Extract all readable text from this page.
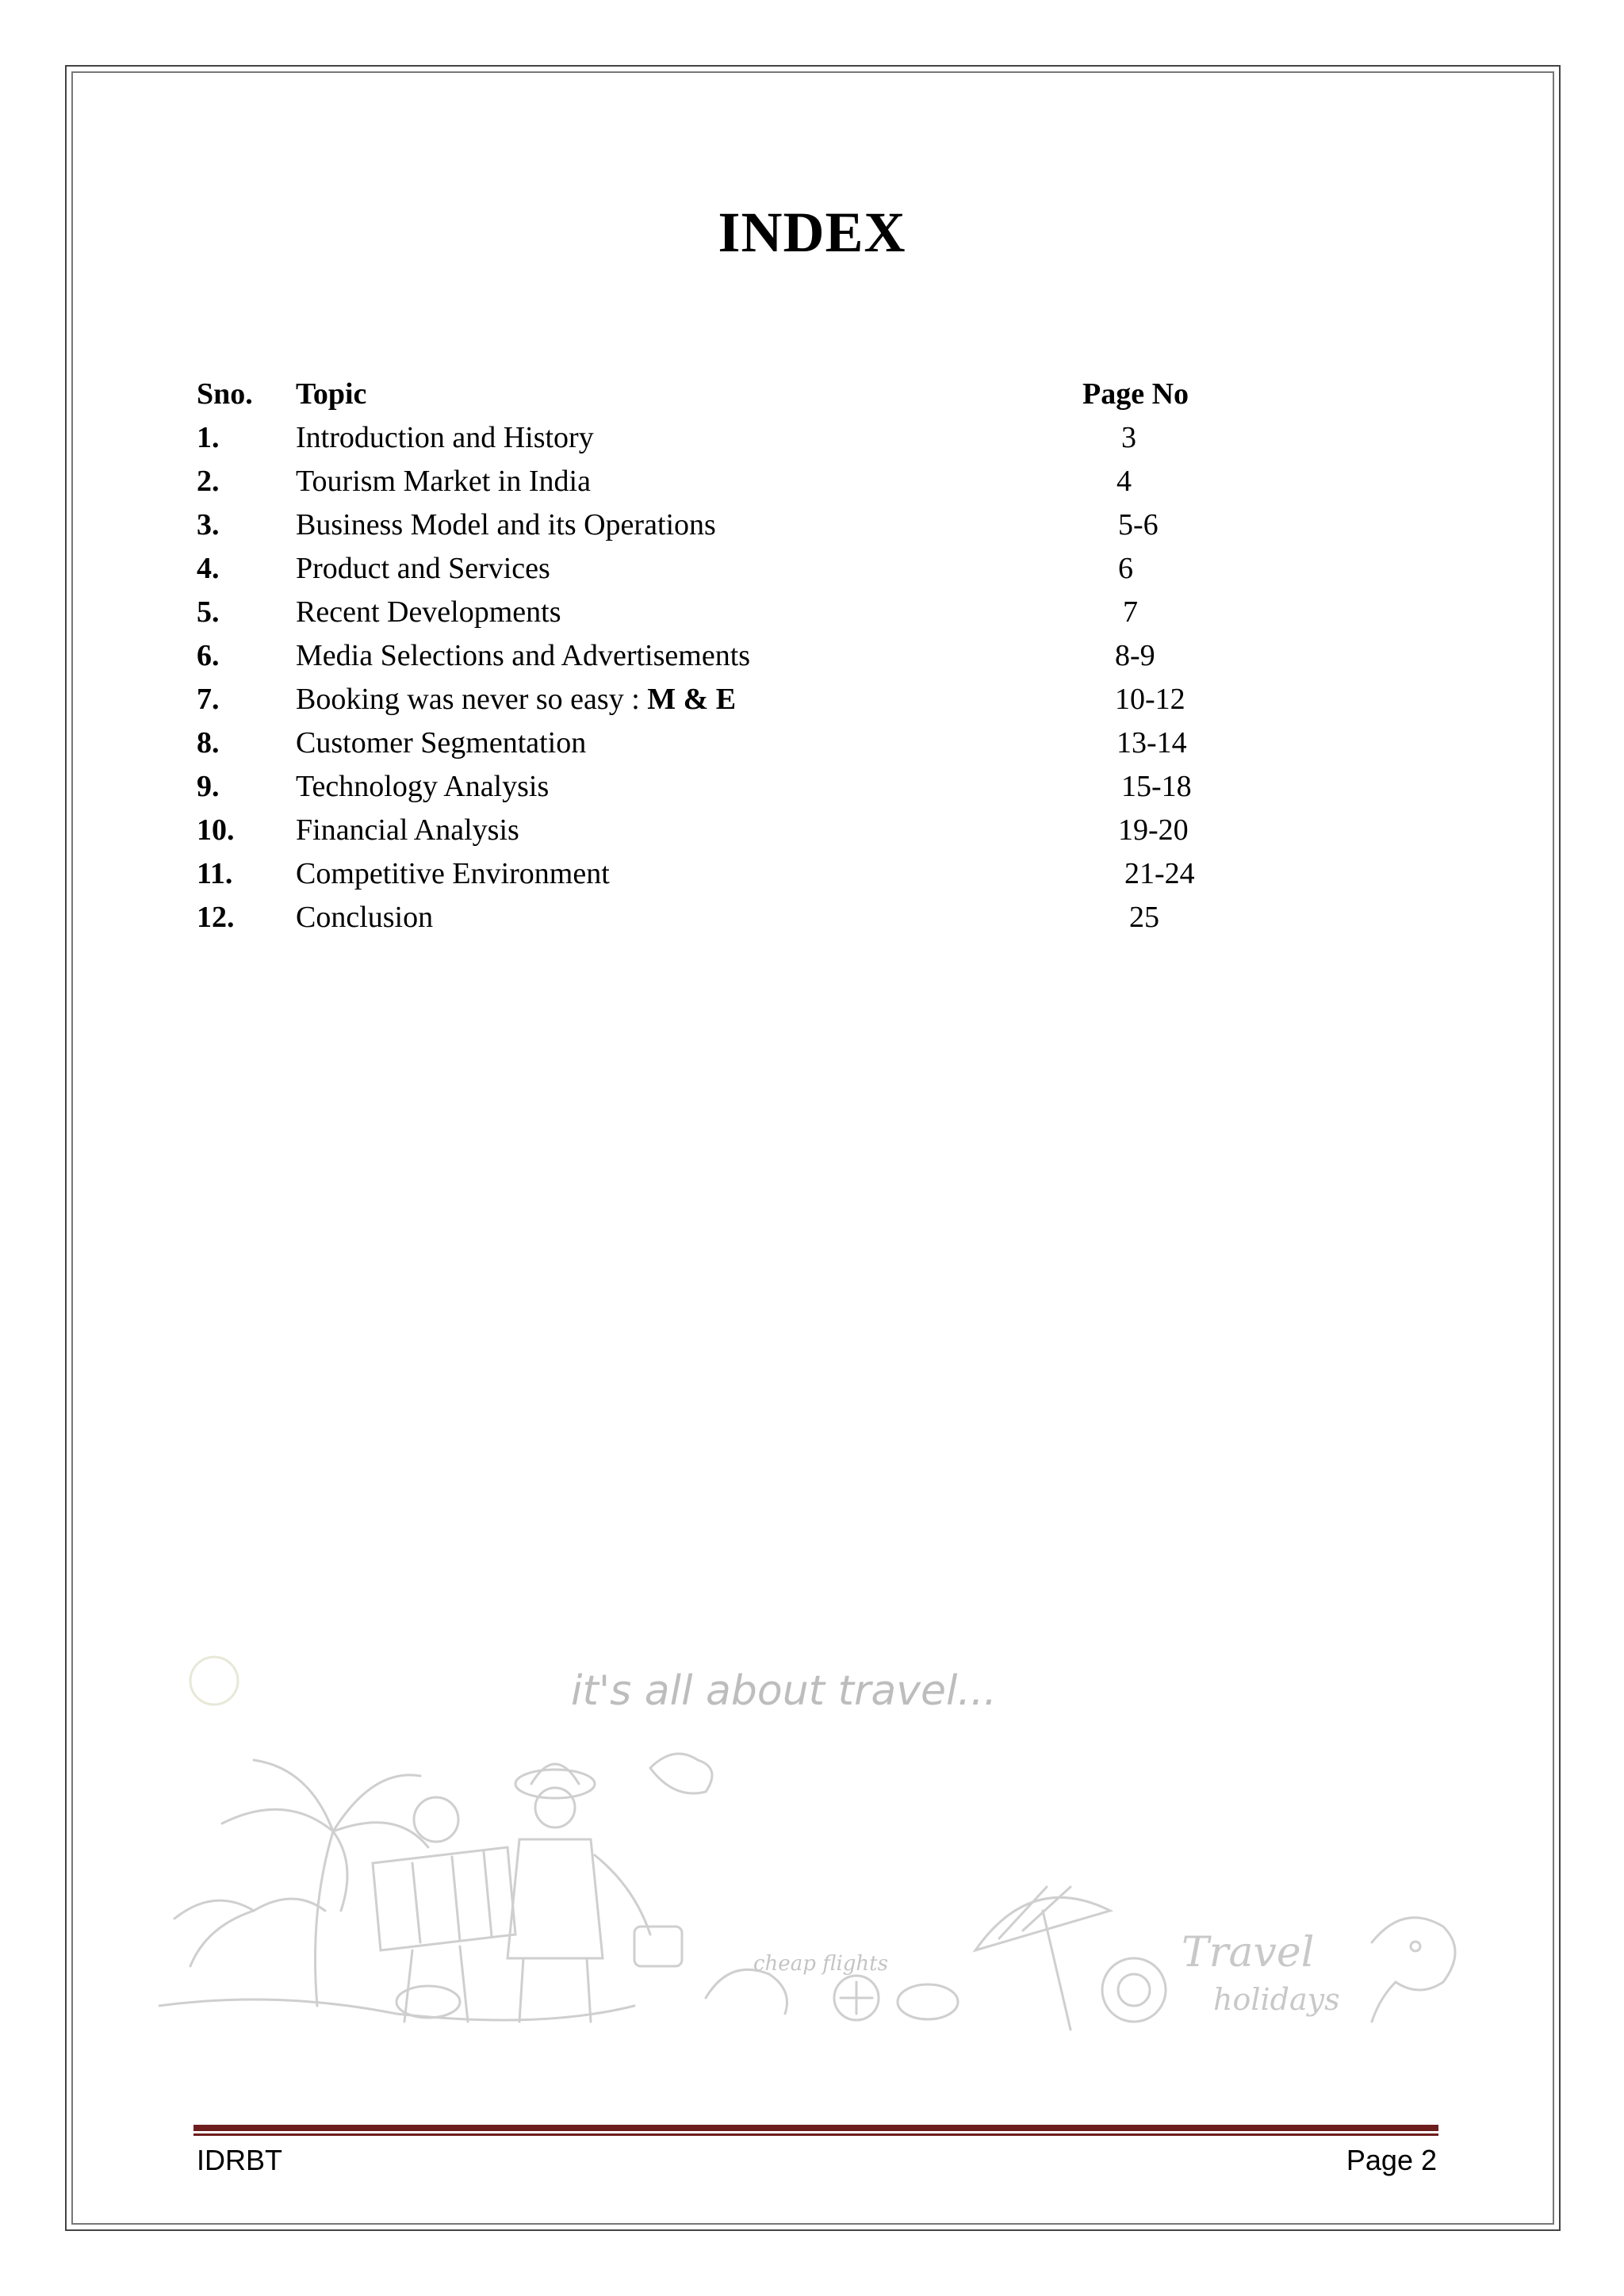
INDEX
Sno. Topic	Page No
1.	Introduction and History	3
2.	Tourism Market in India	4
3.	Business Model and its Operations	5-6
4.	Product and Services	6
5.	Recent Developments	7
6.	Media Selections and Advertisements	8-9
7.	Booking was never so easy : M & E	10-12
8.	Customer Segmentation	13-14
9.	Technology Analysis	15-18
10. Financial Analysis	19-20
11. Competitive Environment	21-24
12. Conclusion	25
it's all about travel...
cheap flights	Travel
holidays
IDRBT	Page 2
